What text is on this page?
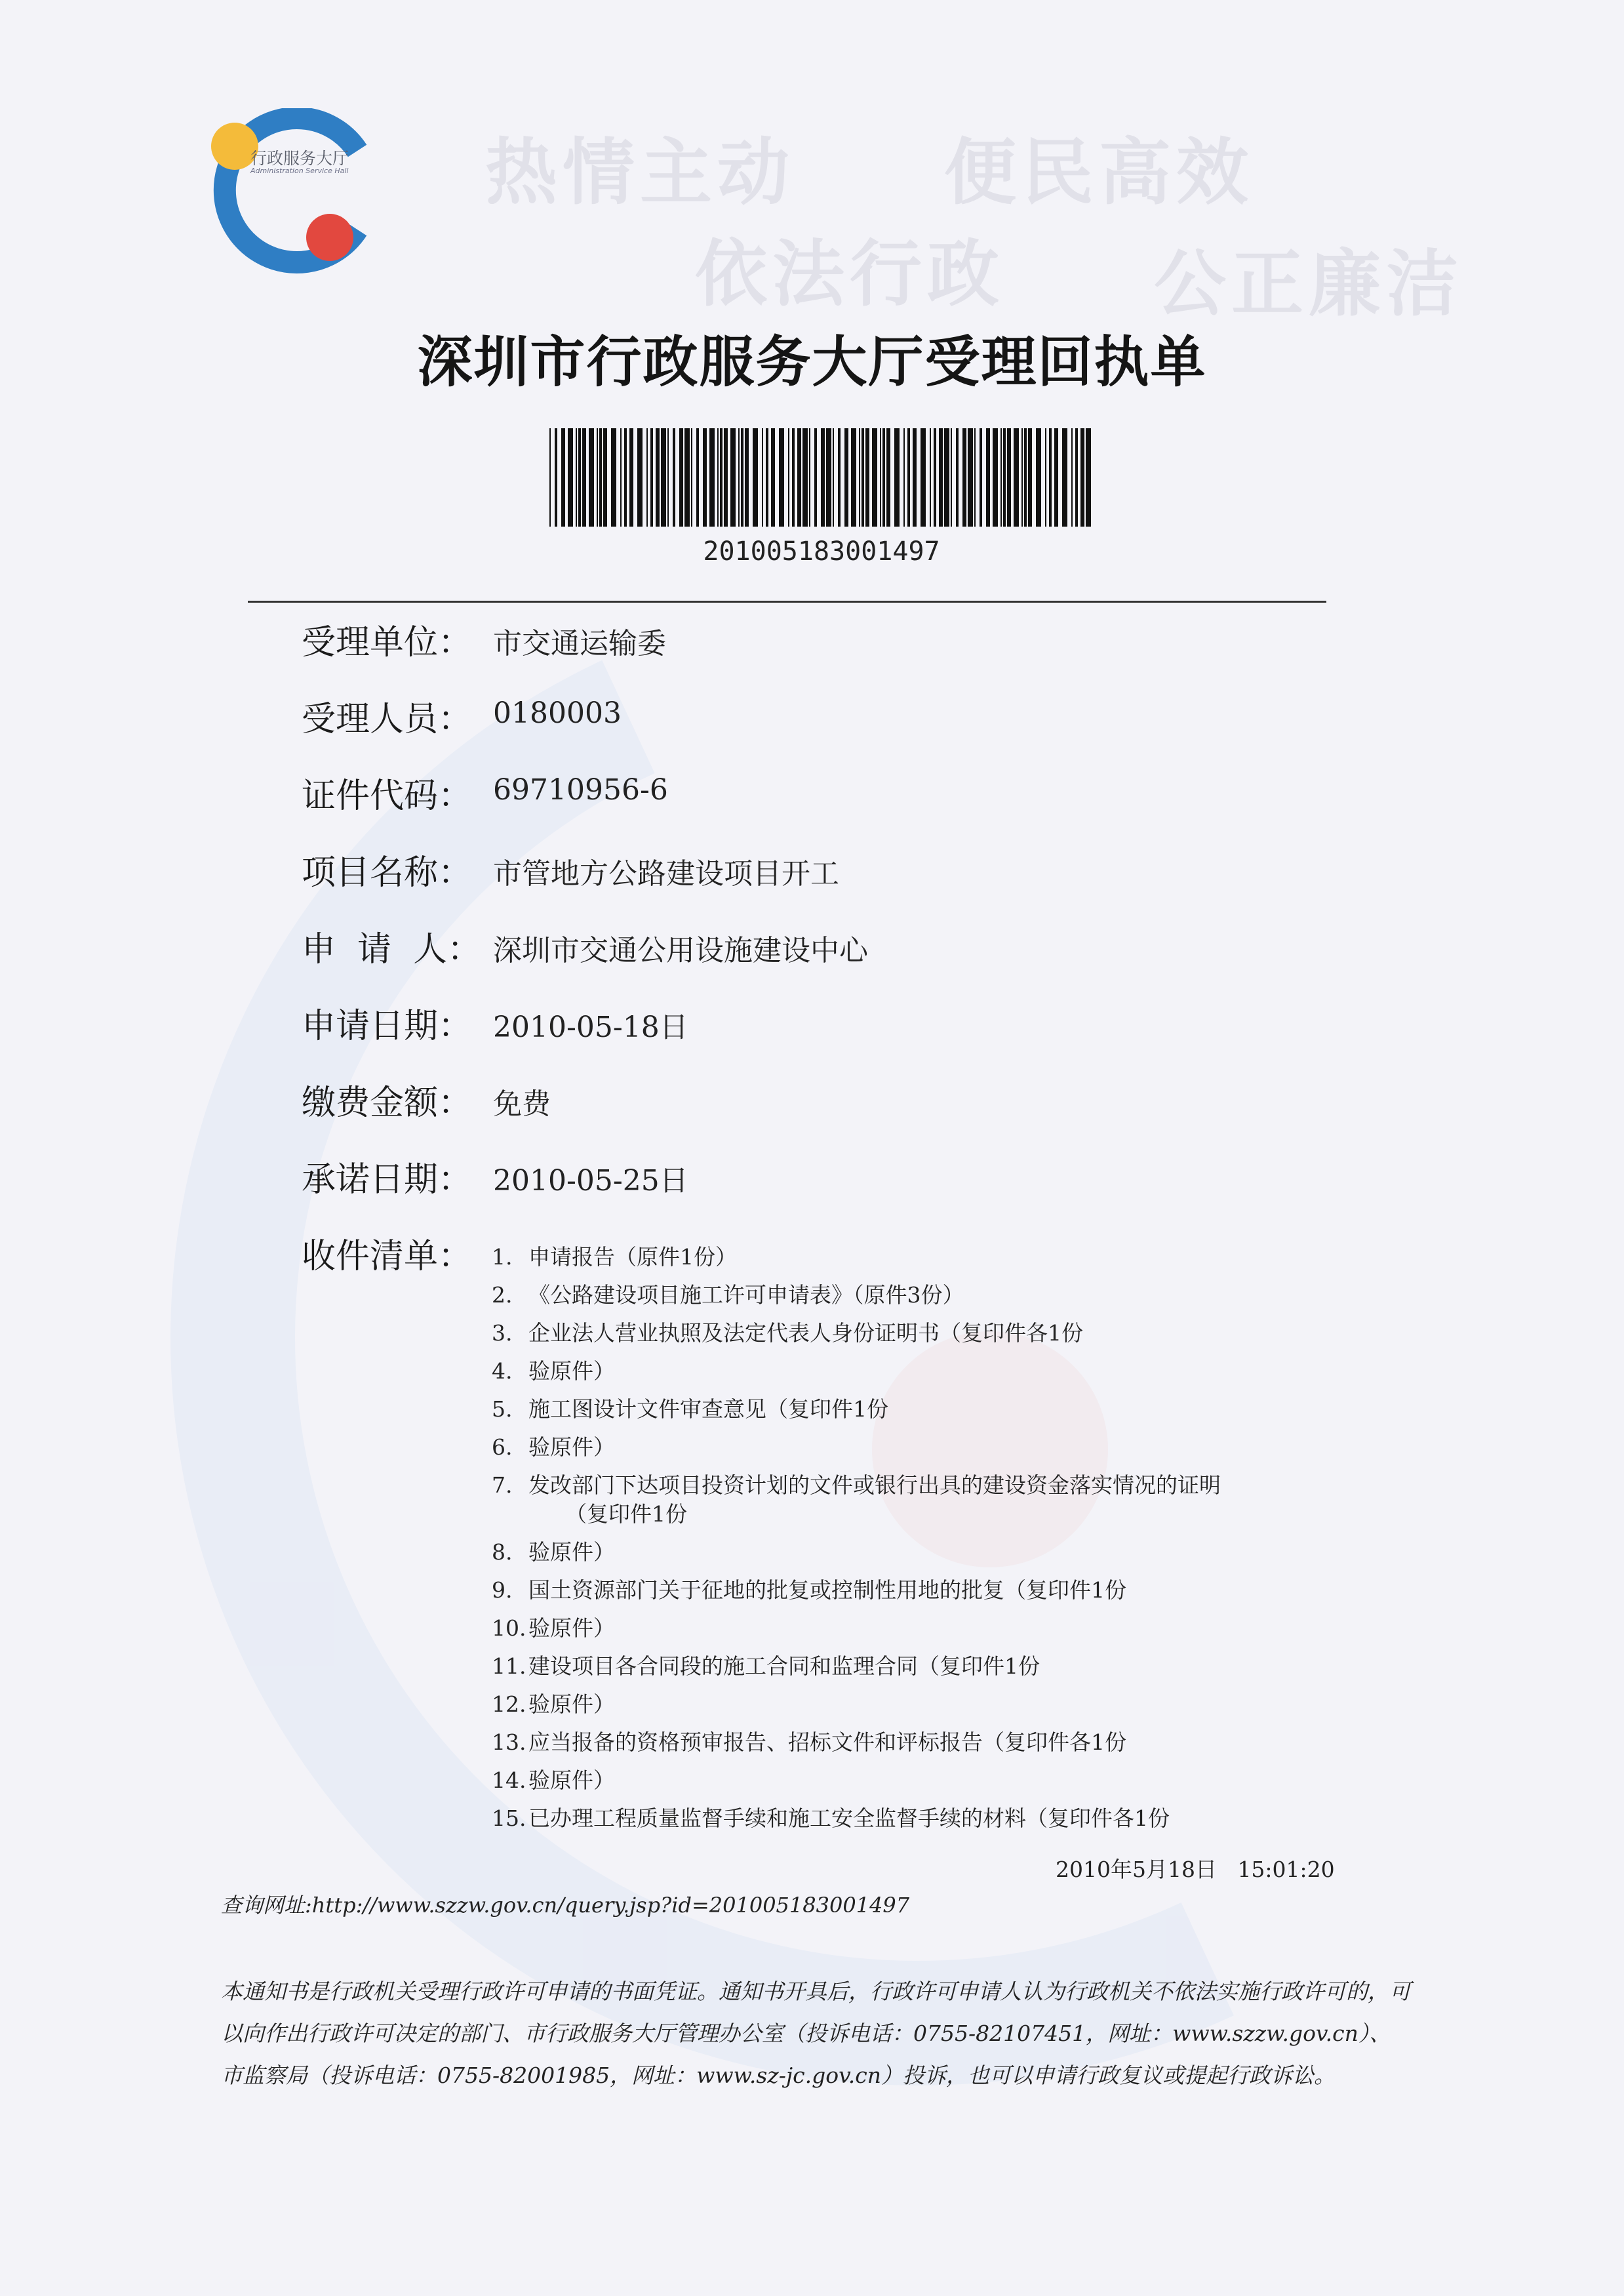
热情主动 便民高效
依法行政 公正廉洁
行政服务大厅
Administration Service Hall
深圳市行政服务大厅受理回执单
201005183001497
受理单位： 市交通运输委
受理人员： 0180003
证件代码： 69710956-6
项目名称： 市管地方公路建设项目开工
申  请  人： 深圳市交通公用设施建设中心
申请日期： 2010-05-18日
缴费金额： 免费
承诺日期： 2010-05-25日
收件清单： 1. 申请报告（原件1份）
2. 《公路建设项目施工许可申请表》（原件3份）
3. 企业法人营业执照及法定代表人身份证明书（复印件各1份
4. 验原件）
5. 施工图设计文件审查意见（复印件1份
6. 验原件）
7. 发改部门下达项目投资计划的文件或银行出具的建设资金落实情况的证明
（复印件1份
8. 验原件）
9. 国土资源部门关于征地的批复或控制性用地的批复（复印件1份
10. 验原件）
11. 建设项目各合同段的施工合同和监理合同（复印件1份
12. 验原件）
13. 应当报备的资格预审报告、招标文件和评标报告（复印件各1份
14. 验原件）
15. 已办理工程质量监督手续和施工安全监督手续的材料（复印件各1份
2010年5月18日   15:01:20
查询网址:http://www.szzw.gov.cn/query.jsp?id=201005183001497
本通知书是行政机关受理行政许可申请的书面凭证。通知书开具后，行政许可申请人认为行政机关不依法实施行政许可的，可以向作出行政许可决定的部门、市行政服务大厅管理办公室（投诉电话：0755-82107451，网址：www.szzw.gov.cn）、市监察局（投诉电话：0755-82001985，网址：www.sz-jc.gov.cn）投诉，也可以申请行政复议或提起行政诉讼。
